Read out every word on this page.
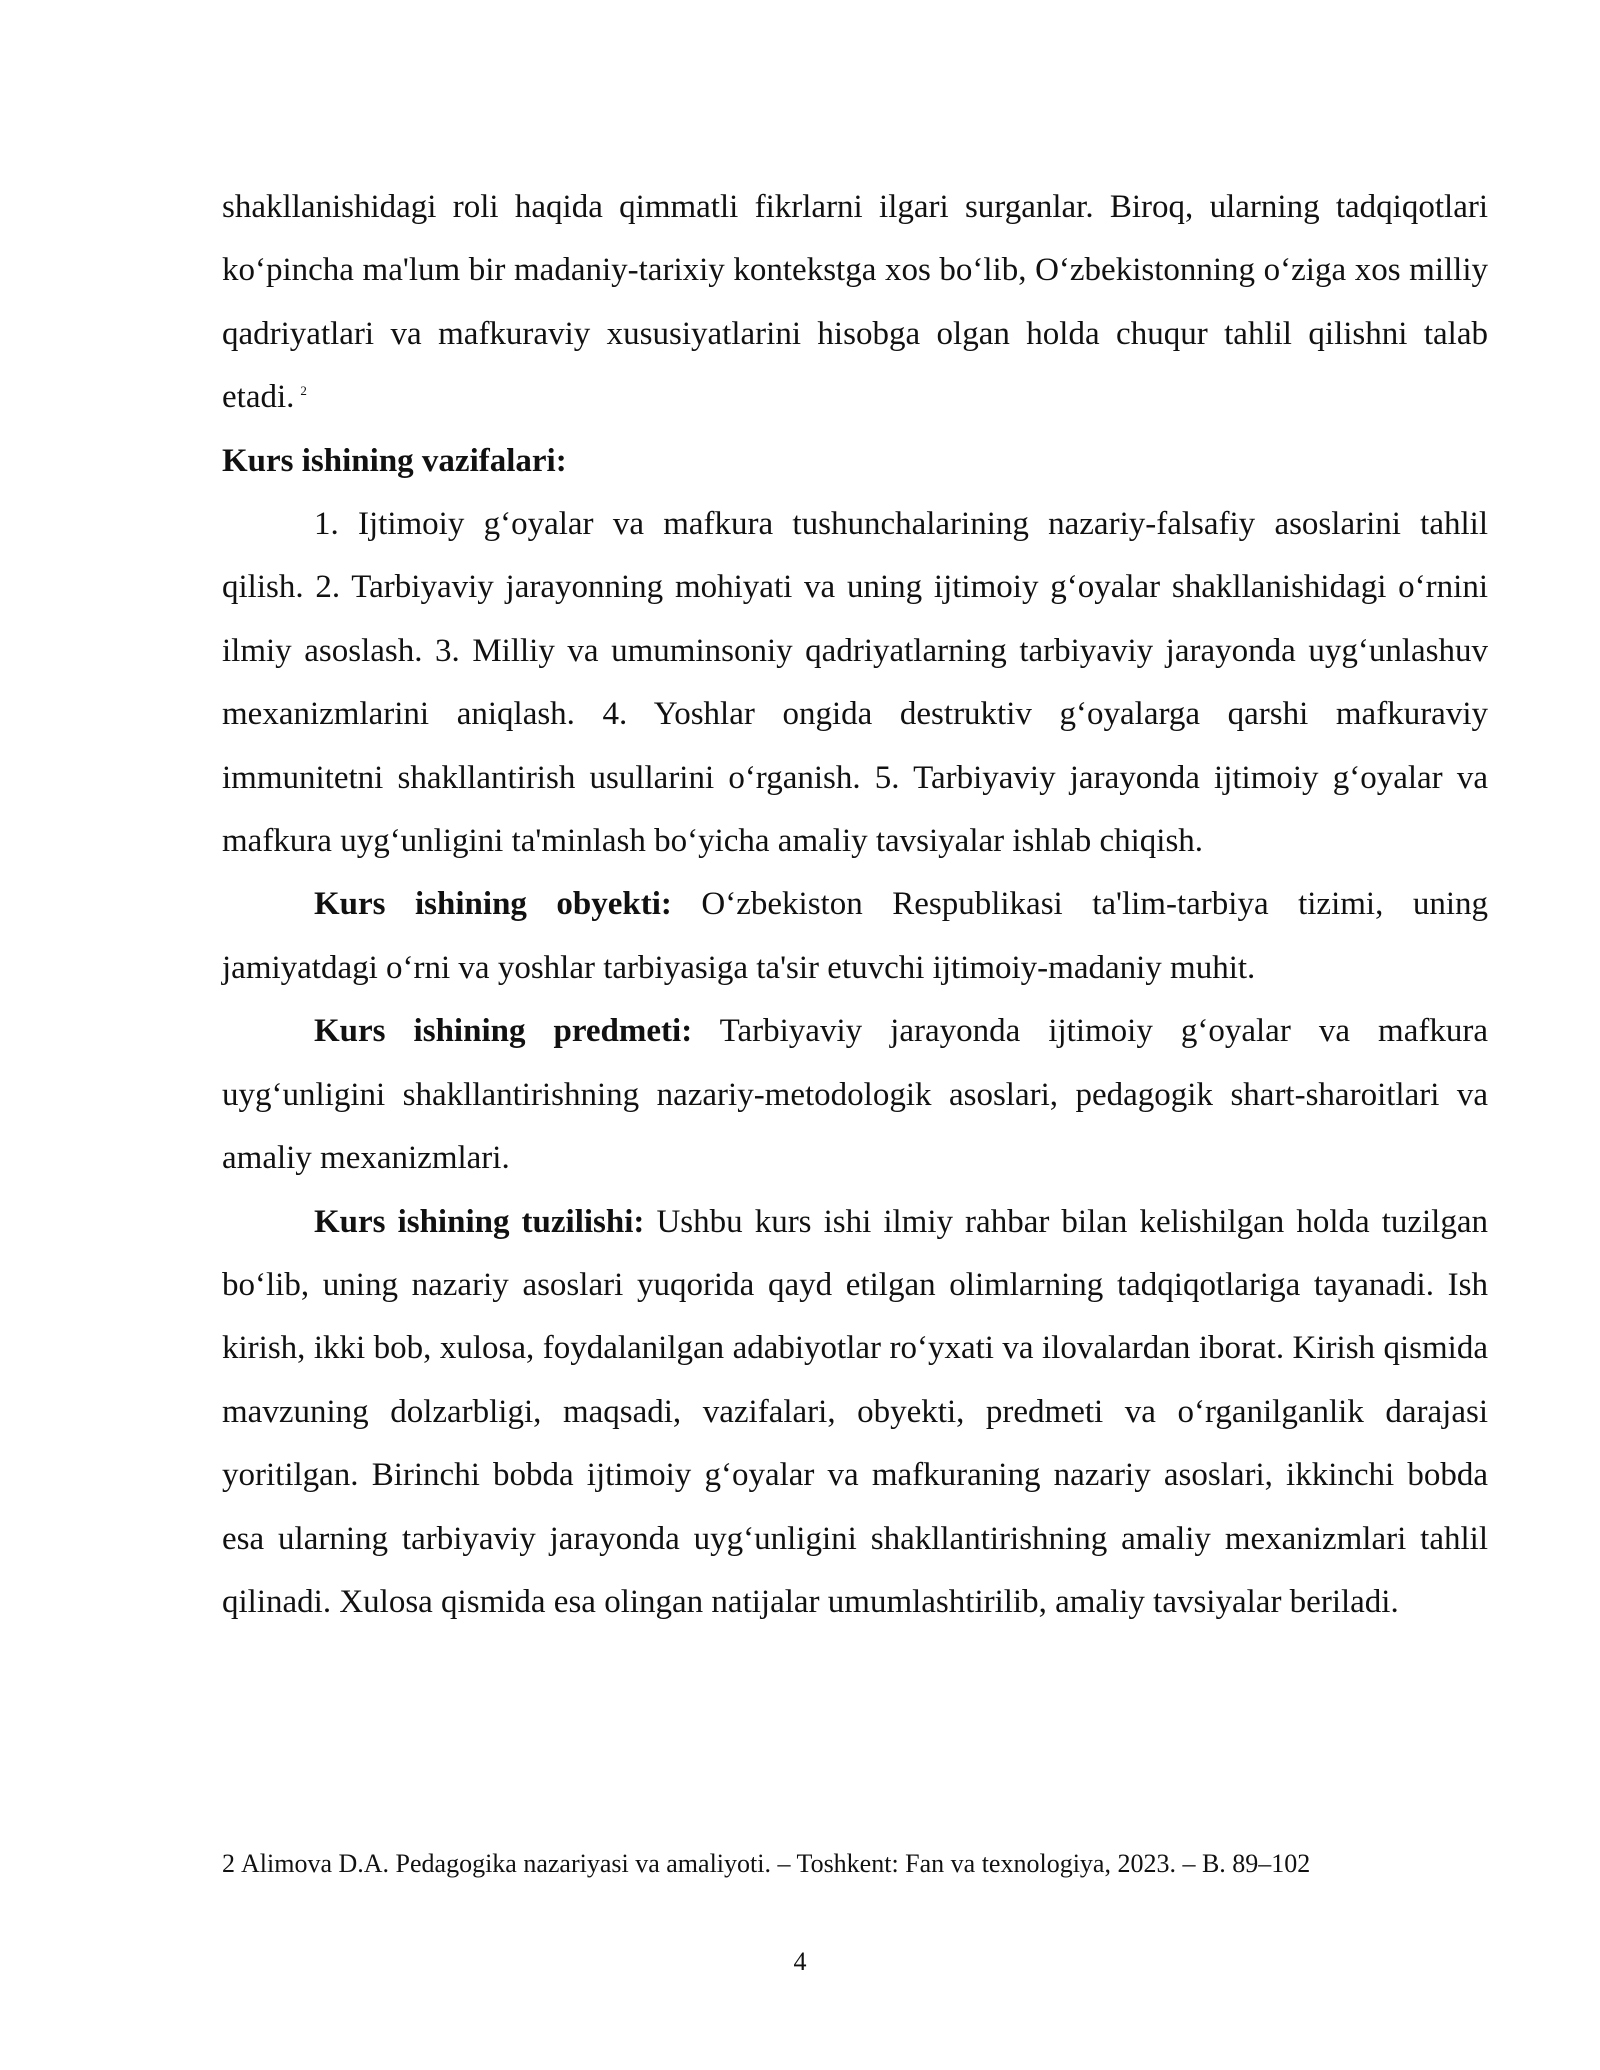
shakllanishidagi roli haqida qimmatli fikrlarni ilgari surganlar. Biroq, ularning tadqiqotlari ko‘pincha ma'lum bir madaniy-tarixiy kontekstga xos bo‘lib, O‘zbekistonning o‘ziga xos milliy qadriyatlari va mafkuraviy xususiyatlarini hisobga olgan holda chuqur tahlil qilishni talab etadi. $^2$

Kurs ishining vazifalari:

1. Ijtimoiy g‘oyalar va mafkura tushunchalarining nazariy-falsafiy asoslarini tahlil qilish. 2. Tarbiyaviy jarayonning mohiyati va uning ijtimoiy g‘oyalar shakllanishidagi o‘rnini ilmiy asoslash. 3. Milliy va umuminsoniy qadriyatlarning tarbiyaviy jarayonda uyg‘unlashuv mexanizmlarini aniqlash. 4. Yoshlar ongida destruktiv g‘oyalarga qarshi mafkuraviy immunitetni shakllantirish usullarini o‘rganish. 5. Tarbiyaviy jarayonda ijtimoiy g‘oyalar va mafkura uyg‘unligini ta'minlash bo‘yicha amaliy tavsiyalar ishlab chiqish.

Kurs ishining obyekti: O‘zbekiston Respublikasi ta'lim-tarbiya tizimi, uning jamiyatdagi o‘rni va yoshlar tarbiyasiga ta'sir etuvchi ijtimoiy-madaniy muhit.

Kurs ishining predmeti: Tarbiyaviy jarayonda ijtimoiy g‘oyalar va mafkura uyg‘unligini shakllantirishning nazariy-metodologik asoslari, pedagogik shart-sharoitlari va amaliy mexanizmlari.

Kurs ishining tuzilishi: Ushbu kurs ishi ilmiy rahbar bilan kelishilgan holda tuzilgan bo‘lib, uning nazariy asoslari yuqorida qayd etilgan olimlarning tadqiqotlariga tayanadi. Ish kirish, ikki bob, xulosa, foydalanilgan adabiyotlar ro‘yxati va ilovalardan iborat. Kirish qismida mavzuning dolzarbligi, maqsadi, vazifalari, obyekti, predmeti va o‘rganilganlik darajasi yoritilgan. Birinchi bobda ijtimoiy g‘oyalar va mafkuraning nazariy asoslari, ikkinchi bobda esa ularning tarbiyaviy jarayonda uyg‘unligini shakllantirishning amaliy mexanizmlari tahlil qilinadi. Xulosa qismida esa olingan natijalar umumlashtirilib, amaliy tavsiyalar beriladi.

2 Alimova D.A. Pedagogika nazariyasi va amaliyoti. – Toshkent: Fan va texnologiya, 2023. – B. 89–102
4
